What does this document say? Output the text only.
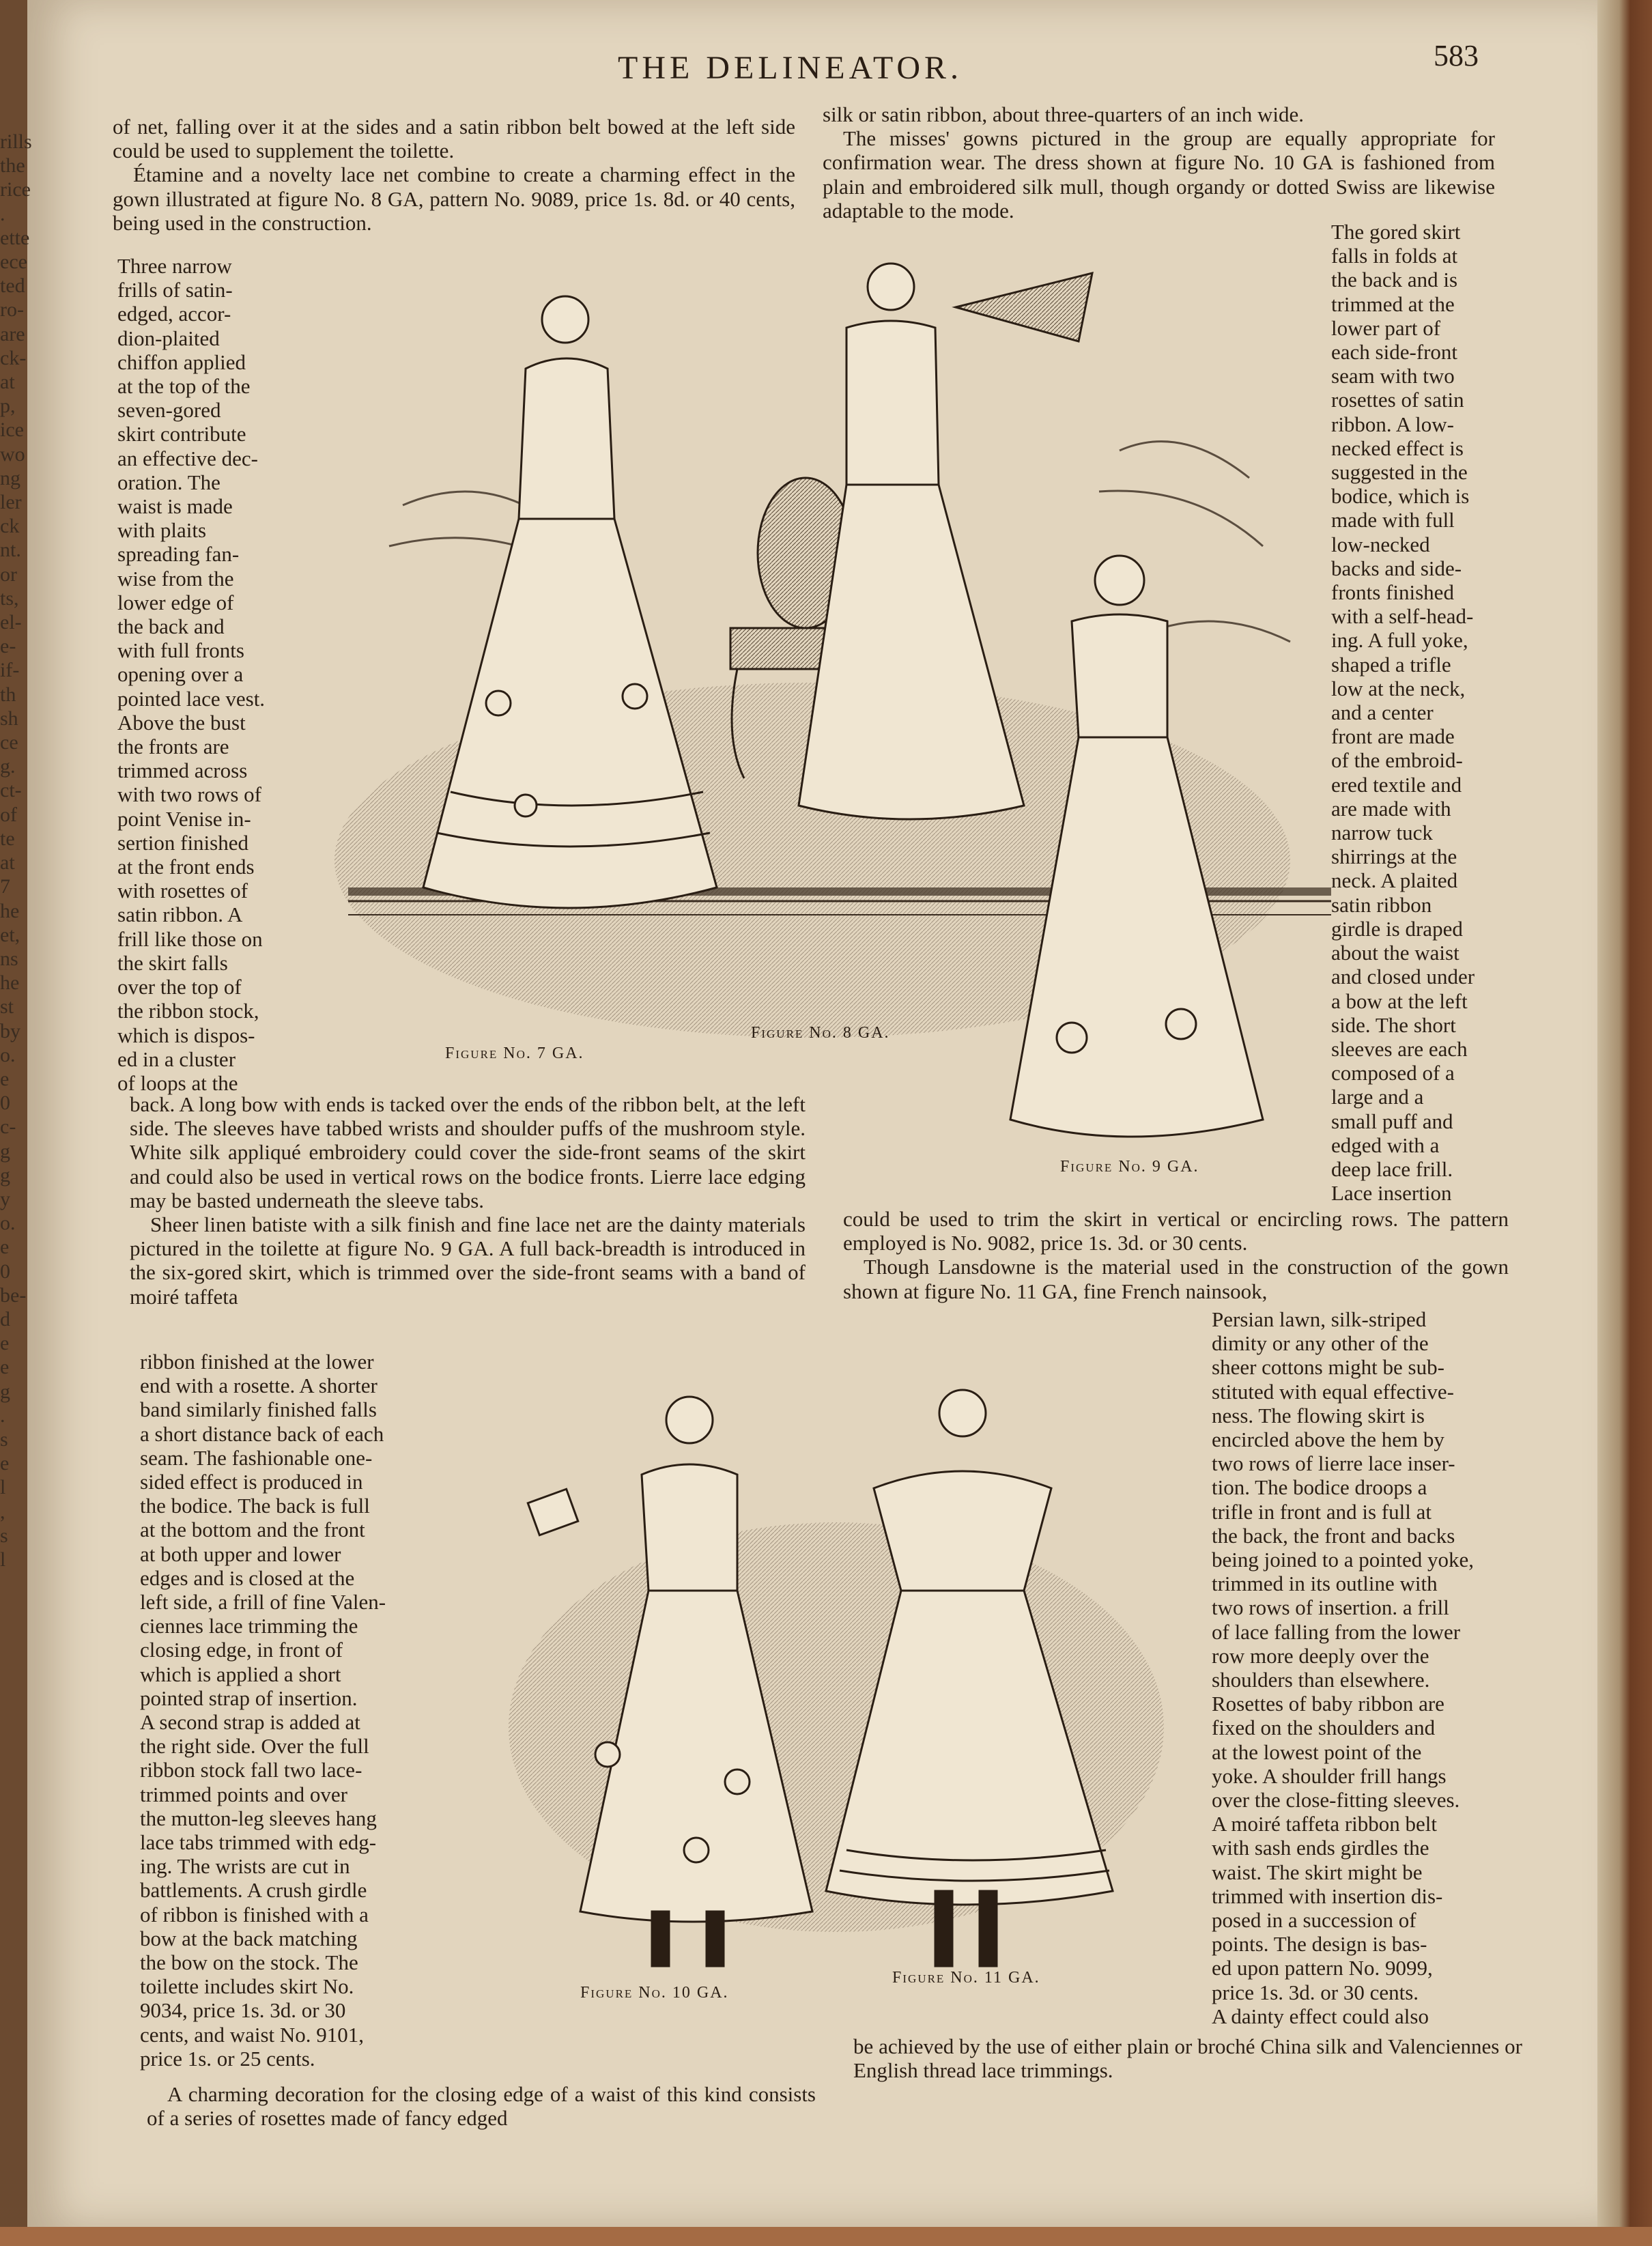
rills
the
rice
.
ette
ece
ted
ro-
are
ck-
at
p,
ice
wo
ng
ler
ck
nt.
or
ts,
el-
e-
if-
th
sh
ce
g.
ct-
of
te
at
7
he
et,
ns
he
st
by
o.
e
0
c-
g
g
y
o.
e
0
be-
d
e
e
g
.
s
e
l
,
s
l
THE DELINEATOR.	583

of net, falling over it at the sides and a satin ribbon belt bowed at the left side could be used to supplement the toilette.

Étamine and a novelty lace net combine to create a charming effect in the gown illustrated at figure No. 8 GA, pattern No. 9089, price 1s. 8d. or 40 cents, being used in the construction.

Three narrow
frills of satin-
edged, accor-
dion-plaited
chiffon applied
at the top of the
seven-gored
skirt contribute
an effective dec-
oration. The
waist is made
with plaits
spreading fan-
wise from the
lower edge of
the back and
with full fronts
opening over a
pointed lace vest.
Above the bust
the fronts are
trimmed across
with two rows of
point Venise in-
sertion finished
at the front ends
with rosettes of
satin ribbon. A
frill like those on
the skirt falls
over the top of
the ribbon stock,
which is dispos-
ed in a cluster
of loops at the

back. A long bow with ends is tacked over the ends of the ribbon belt, at the left side. The sleeves have tabbed wrists and shoulder puffs of the mushroom style. White silk appliqué embroidery could cover the side-front seams of the skirt and could also be used in vertical rows on the bodice fronts. Lierre lace edging may be basted underneath the sleeve tabs.

Sheer linen batiste with a silk finish and fine lace net are the dainty materials pictured in the toilette at figure No. 9 GA. A full back-breadth is introduced in the six-gored skirt, which is trimmed over the side-front seams with a band of moiré taffeta

ribbon finished at the lower
end with a rosette. A shorter
band similarly finished falls
a short distance back of each
seam. The fashionable one-
sided effect is produced in
the bodice. The back is full
at the bottom and the front
at both upper and lower
edges and is closed at the
left side, a frill of fine Valen-
ciennes lace trimming the
closing edge, in front of
which is applied a short
pointed strap of insertion.
A second strap is added at
the right side. Over the full
ribbon stock fall two lace-
trimmed points and over
the mutton-leg sleeves hang
lace tabs trimmed with edg-
ing. The wrists are cut in
battlements. A crush girdle
of ribbon is finished with a
bow at the back matching
the bow on the stock. The
toilette includes skirt No.
9034, price 1s. 3d. or 30
cents, and waist No. 9101,
price 1s. or 25 cents.

A charming decoration for the closing edge of a waist of this kind consists of a series of rosettes made of fancy edged

silk or satin ribbon, about three-quarters of an inch wide.

The misses' gowns pictured in the group are equally appropriate for confirmation wear. The dress shown at figure No. 10 GA is fashioned from plain and embroidered silk mull, though organdy or dotted Swiss are likewise adaptable to the mode.

The gored skirt
falls in folds at
the back and is
trimmed at the
lower part of
each side-front
seam with two
rosettes of satin
ribbon. A low-
necked effect is
suggested in the
bodice, which is
made with full
low-necked
backs and side-
fronts finished
with a self-head-
ing. A full yoke,
shaped a trifle
low at the neck,
and a center
front are made
of the embroid-
ered textile and
are made with
narrow tuck
shirrings at the
neck. A plaited
satin ribbon
girdle is draped
about the waist
and closed under
a bow at the left
side. The short
sleeves are each
composed of a
large and a
small puff and
edged with a
deep lace frill.
Lace insertion

could be used to trim the skirt in vertical or encircling rows. The pattern employed is No. 9082, price 1s. 3d. or 30 cents.

Though Lansdowne is the material used in the construction of the gown shown at figure No. 11 GA, fine French nainsook,

Persian lawn, silk-striped
dimity or any other of the
sheer cottons might be sub-
stituted with equal effective-
ness. The flowing skirt is
encircled above the hem by
two rows of lierre lace inser-
tion. The bodice droops a
trifle in front and is full at
the back, the front and backs
being joined to a pointed yoke,
trimmed in its outline with
two rows of insertion. a frill
of lace falling from the lower
row more deeply over the
shoulders than elsewhere.
Rosettes of baby ribbon are
fixed on the shoulders and
at the lowest point of the
yoke. A shoulder frill hangs
over the close-fitting sleeves.
A moiré taffeta ribbon belt
with sash ends girdles the
waist. The skirt might be
trimmed with insertion dis-
posed in a succession of
points. The design is bas-
ed upon pattern No. 9099,
price 1s. 3d. or 30 cents.
A dainty effect could also

be achieved by the use of either plain or broché China silk and Valenciennes or English thread lace trimmings.

Figure No. 7 GA.
Figure No. 8 GA.
Figure No. 9 GA.
Figure No. 10 GA.
Figure No. 11 GA.
